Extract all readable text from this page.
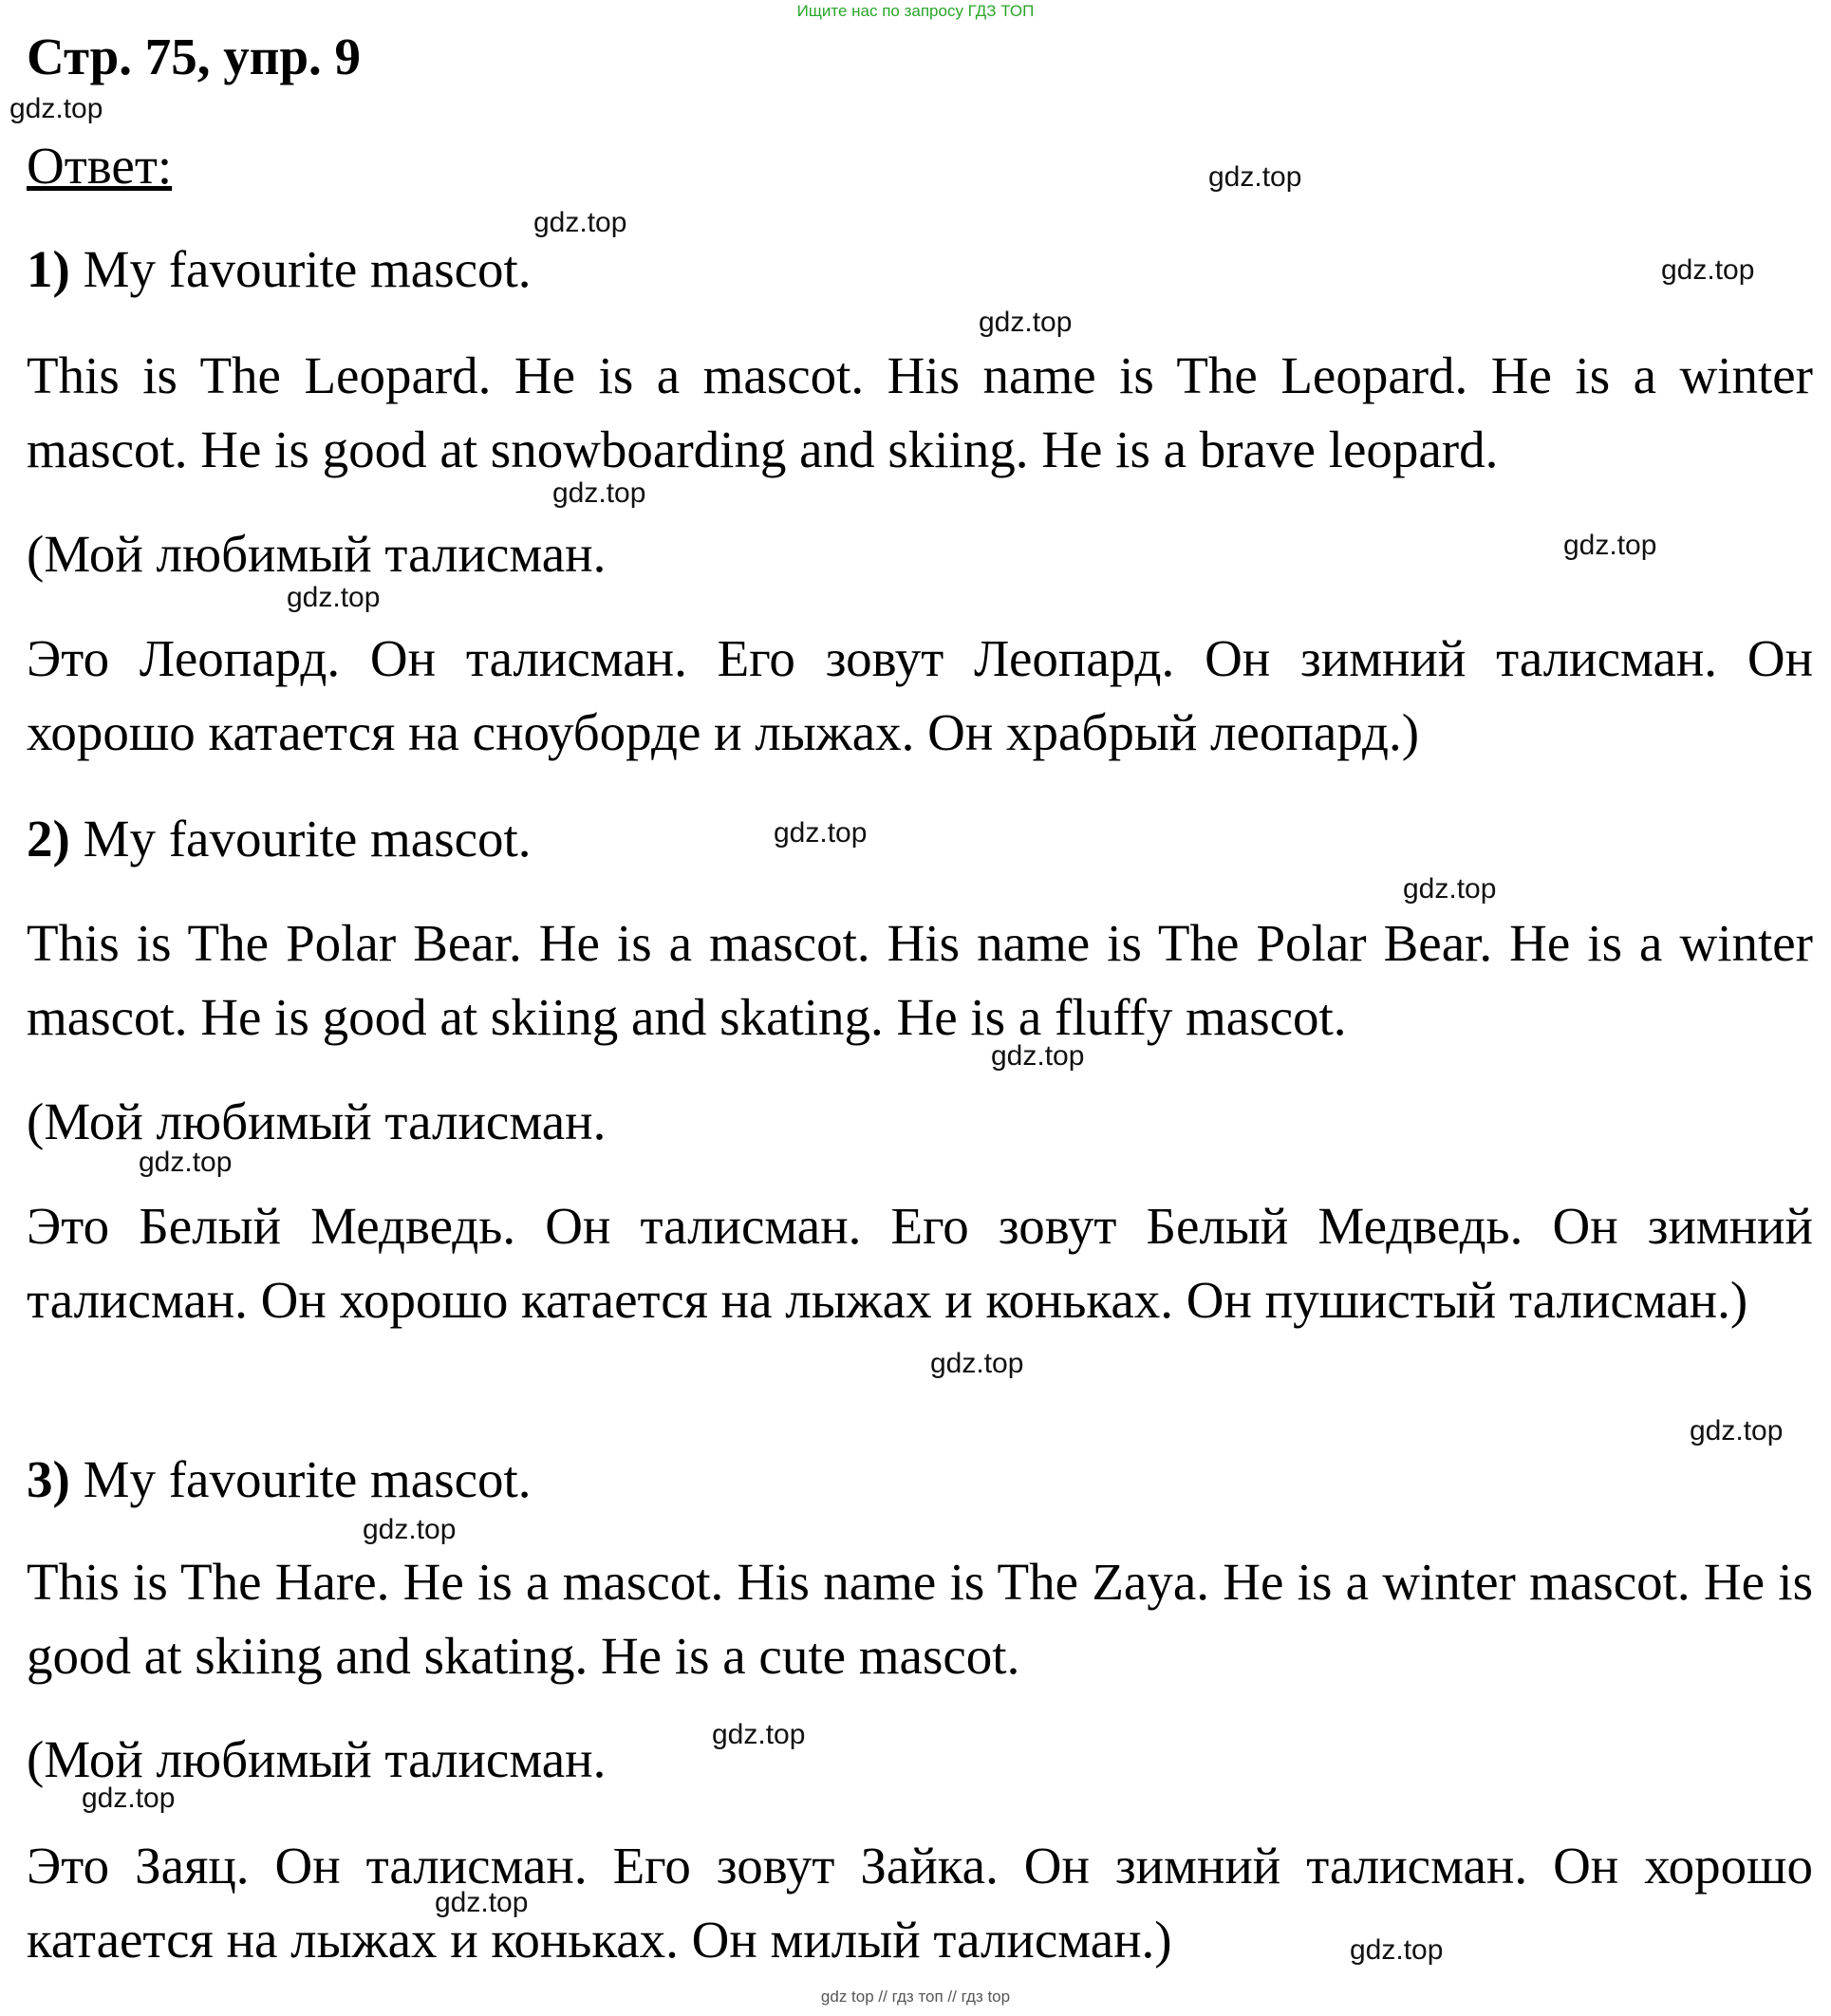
Ищите нас по запросу ГДЗ ТОП
Стр. 75, упр. 9
Ответ:
1) My favourite mascot.
This is The Leopard. He is a mascot. His name is The Leopard. He is a winter mascot. He is good at snowboarding and skiing. He is a brave leopard.
(Мой любимый талисман.
Это Леопард. Он талисман. Его зовут Леопард. Он зимний талисман. Он хорошо катается на сноуборде и лыжах. Он храбрый леопард.)
2) My favourite mascot.
This is The Polar Bear. He is a mascot. His name is The Polar Bear. He is a winter mascot. He is good at skiing and skating. He is a fluffy mascot.
(Мой любимый талисман.
Это Белый Медведь. Он талисман. Его зовут Белый Медведь. Он зимний талисман. Он хорошо катается на лыжах и коньках. Он пушистый талисман.)
3) My favourite mascot.
This is The Hare. He is a mascot. His name is The Zaya. He is a winter mascot. He is good at skiing and skating. He is a cute mascot.
(Мой любимый талисман.
Это Заяц. Он талисман. Его зовут Зайка. Он зимний талисман. Он хорошо катается на лыжах и коньках. Он милый талисман.)
gdz.top
gdz.top
gdz.top
gdz.top
gdz.top
gdz.top
gdz.top
gdz.top
gdz.top
gdz.top
gdz.top
gdz.top
gdz.top
gdz.top
gdz.top
gdz.top
gdz.top
gdz.top
gdz.top
gdz top // гдз топ // гдз top
